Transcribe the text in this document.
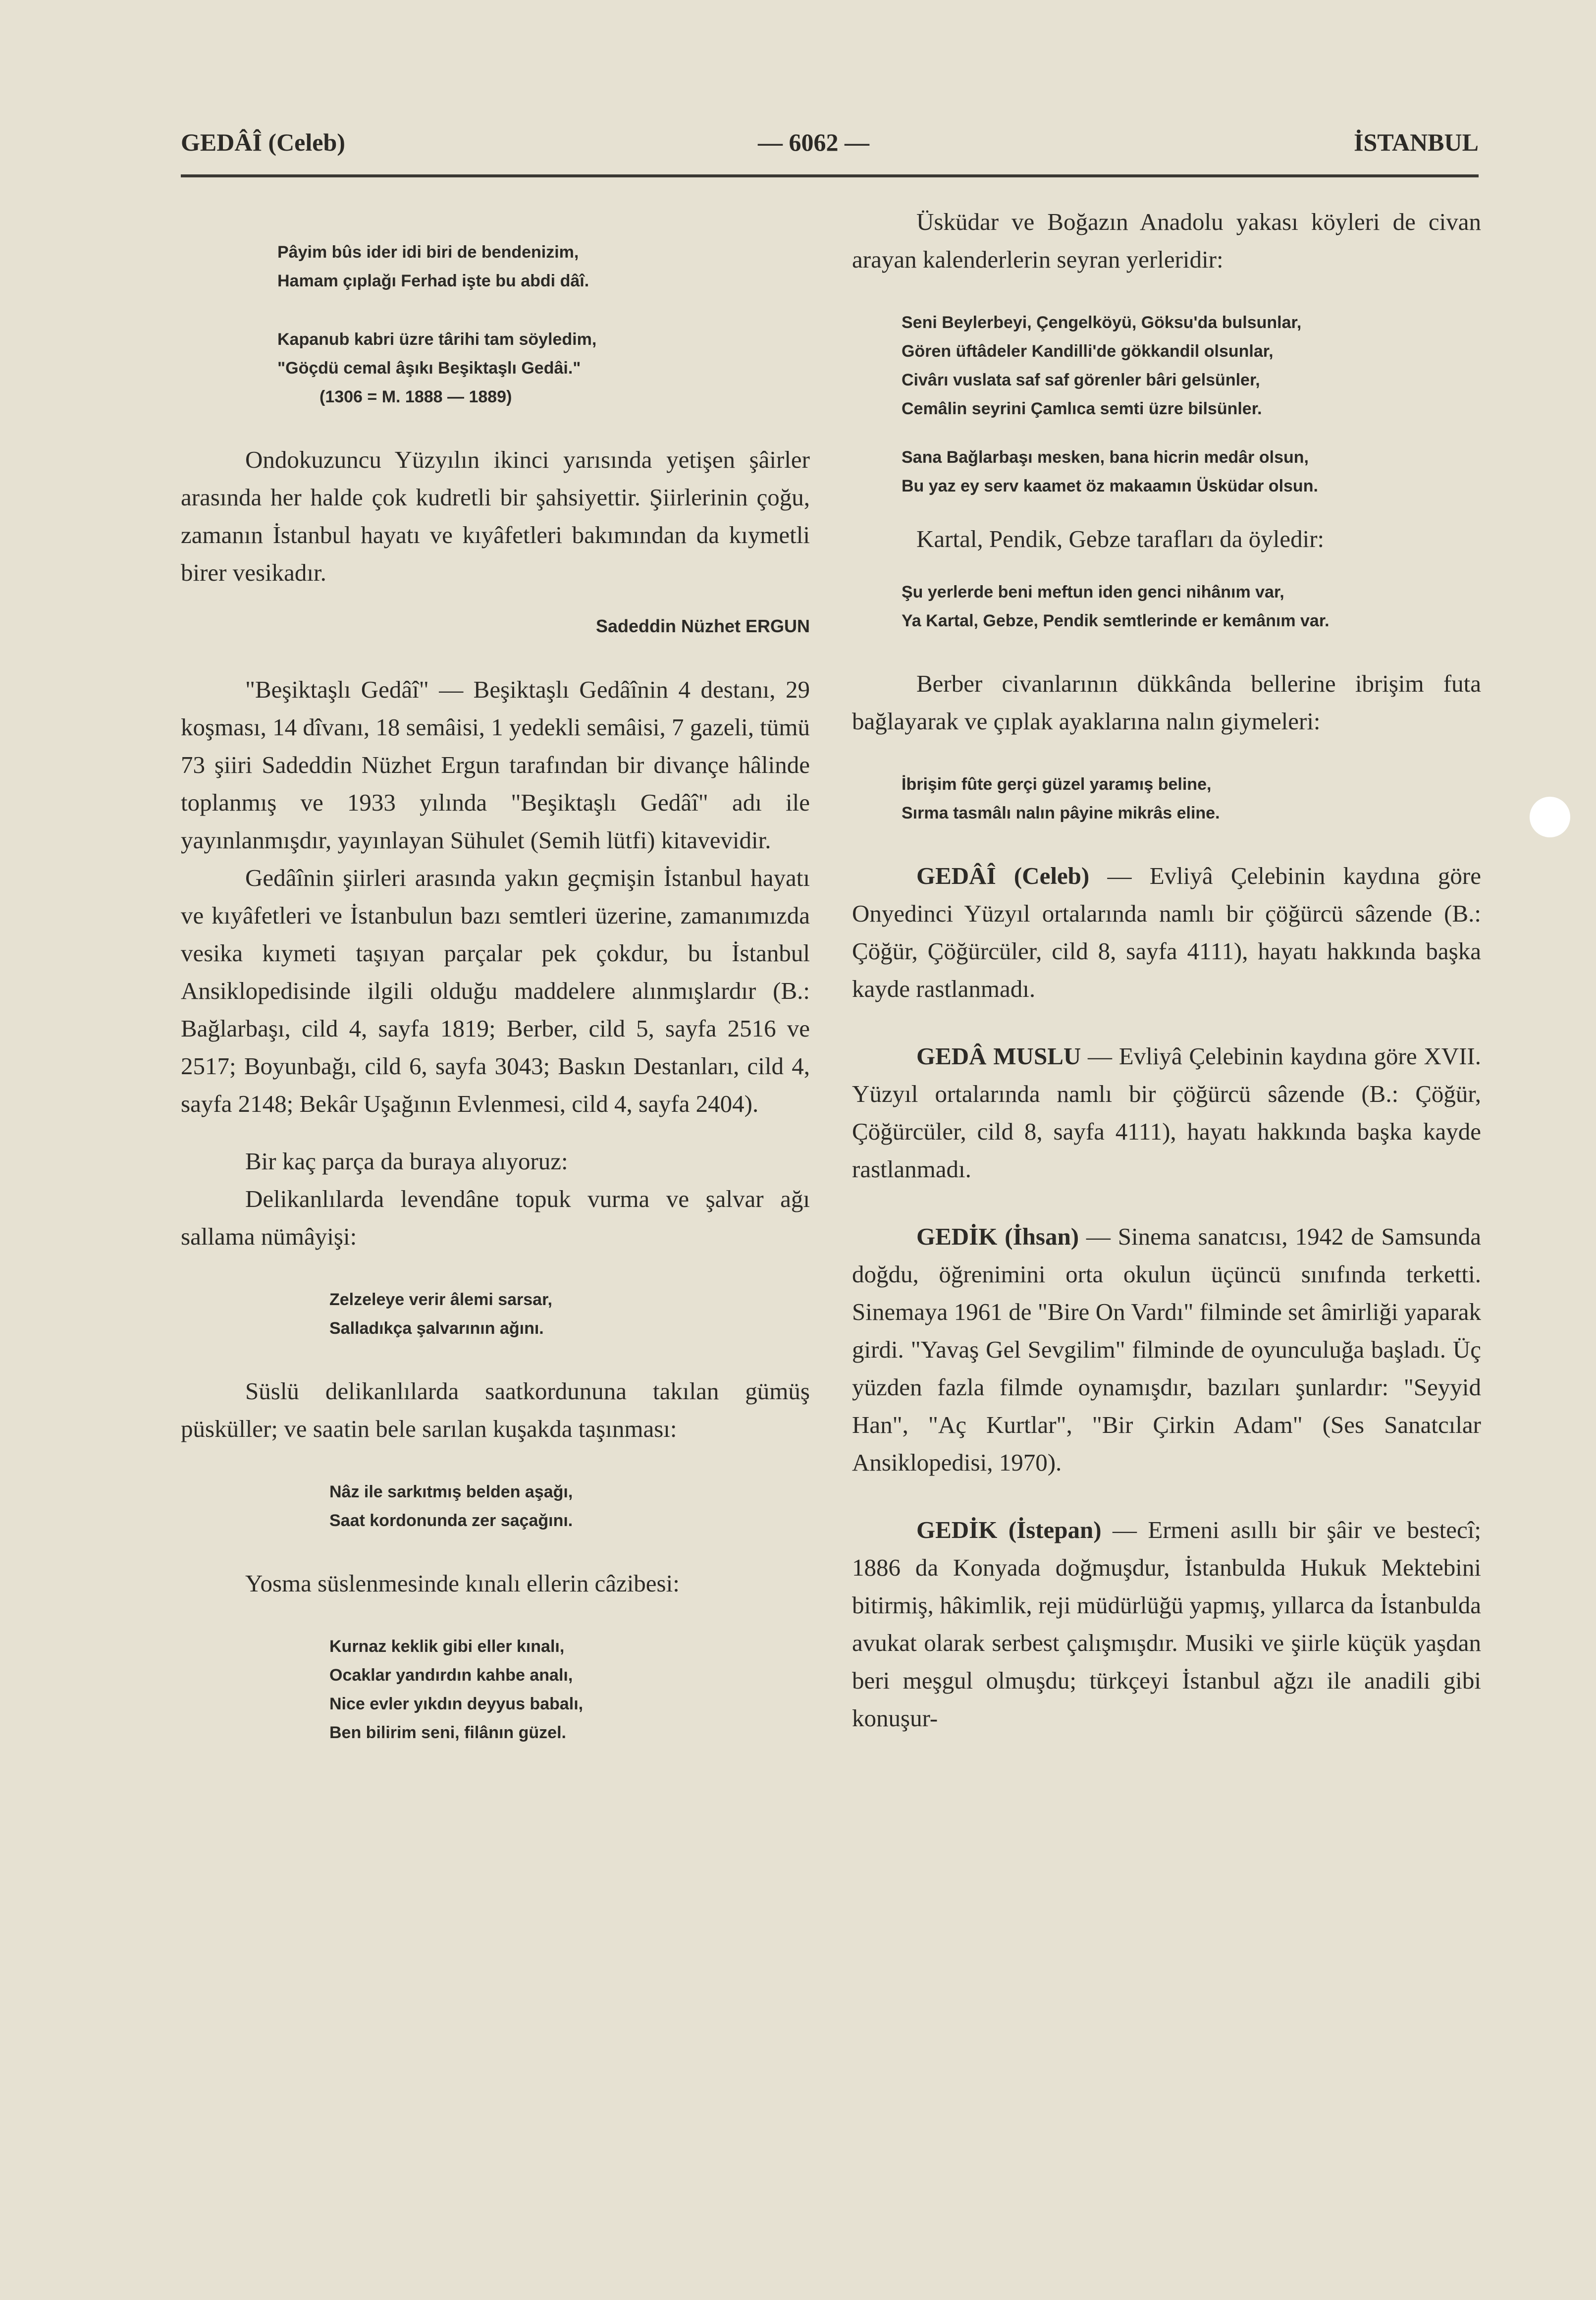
GEDÂÎ (Celeb)	— 6062 —	İSTANBUL
Pâyim bûs ider idi biri de bendenizim,
Hamam çıplağı Ferhad işte bu abdi dâî.
Kapanub kabri üzre târihi tam söyledim,
"Göçdü cemal âşıkı Beşiktaşlı Gedâi."
(1306 = M. 1888 — 1889)

Ondokuzuncu Yüzyılın ikinci yarısında yetişen şâirler arasında her halde çok kudretli bir şahsiyettir. Şiirlerinin çoğu, zamanın İstanbul hayatı ve kıyâfetleri bakımından da kıymetli birer vesikadır.

Sadeddin Nüzhet ERGUN

"Beşiktaşlı Gedâî" — Beşiktaşlı Gedâînin 4 destanı, 29 koşması, 14 dîvanı, 18 semâisi, 1 yedekli semâisi, 7 gazeli, tümü 73 şiiri Sadeddin Nüzhet Ergun tarafından bir divançe hâlinde toplanmış ve 1933 yılında "Beşiktaşlı Gedâî" adı ile yayınlanmışdır, yayınlayan Sühulet (Semih lütfi) kitavevidir.

Gedâînin şiirleri arasında yakın geçmişin İstanbul hayatı ve kıyâfetleri ve İstanbulun bazı semtleri üzerine, zamanımızda vesika kıymeti taşıyan parçalar pek çokdur, bu İstanbul Ansiklopedisinde ilgili olduğu maddelere alınmışlardır (B.: Bağlarbaşı, cild 4, sayfa 1819; Berber, cild 5, sayfa 2516 ve 2517; Boyunbağı, cild 6, sayfa 3043; Baskın Destanları, cild 4, sayfa 2148; Bekâr Uşağının Evlenmesi, cild 4, sayfa 2404).

Bir kaç parça da buraya alıyoruz:

Delikanlılarda levendâne topuk vurma ve şalvar ağı sallama nümâyişi:

Zelzeleye verir âlemi sarsar,
Salladıkça şalvarının ağını.

Süslü delikanlılarda saatkordununa takılan gümüş püsküller; ve saatin bele sarılan kuşakda taşınması:

Nâz ile sarkıtmış belden aşağı,
Saat kordonunda zer saçağını.

Yosma süslenmesinde kınalı ellerin câzibesi:

Kurnaz keklik gibi eller kınalı,
Ocaklar yandırdın kahbe analı,
Nice evler yıkdın deyyus babalı,
Ben bilirim seni, filânın güzel.

Üsküdar ve Boğazın Anadolu yakası köyleri de civan arayan kalenderlerin seyran yerleridir:

Seni Beylerbeyi, Çengelköyü, Göksu'da bulsunlar,
Gören üftâdeler Kandilli'de gökkandil olsunlar,
Civârı vuslata saf saf görenler bâri gelsünler,
Cemâlin seyrini Çamlıca semti üzre bilsünler.
Sana Bağlarbaşı mesken, bana hicrin medâr olsun,
Bu yaz ey serv kaamet öz makaamın Üsküdar olsun.

Kartal, Pendik, Gebze tarafları da öyledir:

Şu yerlerde beni meftun iden genci nihânım var,
Ya Kartal, Gebze, Pendik semtlerinde er kemânım var.

Berber civanlarının dükkânda bellerine ibrişim futa bağlayarak ve çıplak ayaklarına nalın giymeleri:

İbrişim fûte gerçi güzel yaramış beline,
Sırma tasmâlı nalın pâyine mikrâs eline.

GEDÂÎ (Celeb) — Evliyâ Çelebinin kaydına göre Onyedinci Yüzyıl ortalarında namlı bir çöğürcü sâzende (B.: Çöğür, Çöğürcüler, cild 8, sayfa 4111), hayatı hakkında başka kayde rastlanmadı.

GEDÂ MUSLU — Evliyâ Çelebinin kaydına göre XVII. Yüzyıl ortalarında namlı bir çöğürcü sâzende (B.: Çöğür, Çöğürcüler, cild 8, sayfa 4111), hayatı hakkında başka kayde rastlanmadı.

GEDİK (İhsan) — Sinema sanatcısı, 1942 de Samsunda doğdu, öğrenimini orta okulun üçüncü sınıfında terketti. Sinemaya 1961 de "Bire On Vardı" filminde set âmirliği yaparak girdi. "Yavaş Gel Sevgilim" filminde de oyunculuğa başladı. Üç yüzden fazla filmde oynamışdır, bazıları şunlardır: "Seyyid Han", "Aç Kurtlar", "Bir Çirkin Adam" (Ses Sanatcılar Ansiklopedisi, 1970).

GEDİK (İstepan) — Ermeni asıllı bir şâir ve bestecî; 1886 da Konyada doğmuşdur, İstanbulda Hukuk Mektebini bitirmiş, hâkimlik, reji müdürlüğü yapmış, yıllarca da İstanbulda avukat olarak serbest çalışmışdır. Musiki ve şiirle küçük yaşdan beri meşgul olmuşdu; türkçeyi İstanbul ağzı ile anadili gibi konuşur-
